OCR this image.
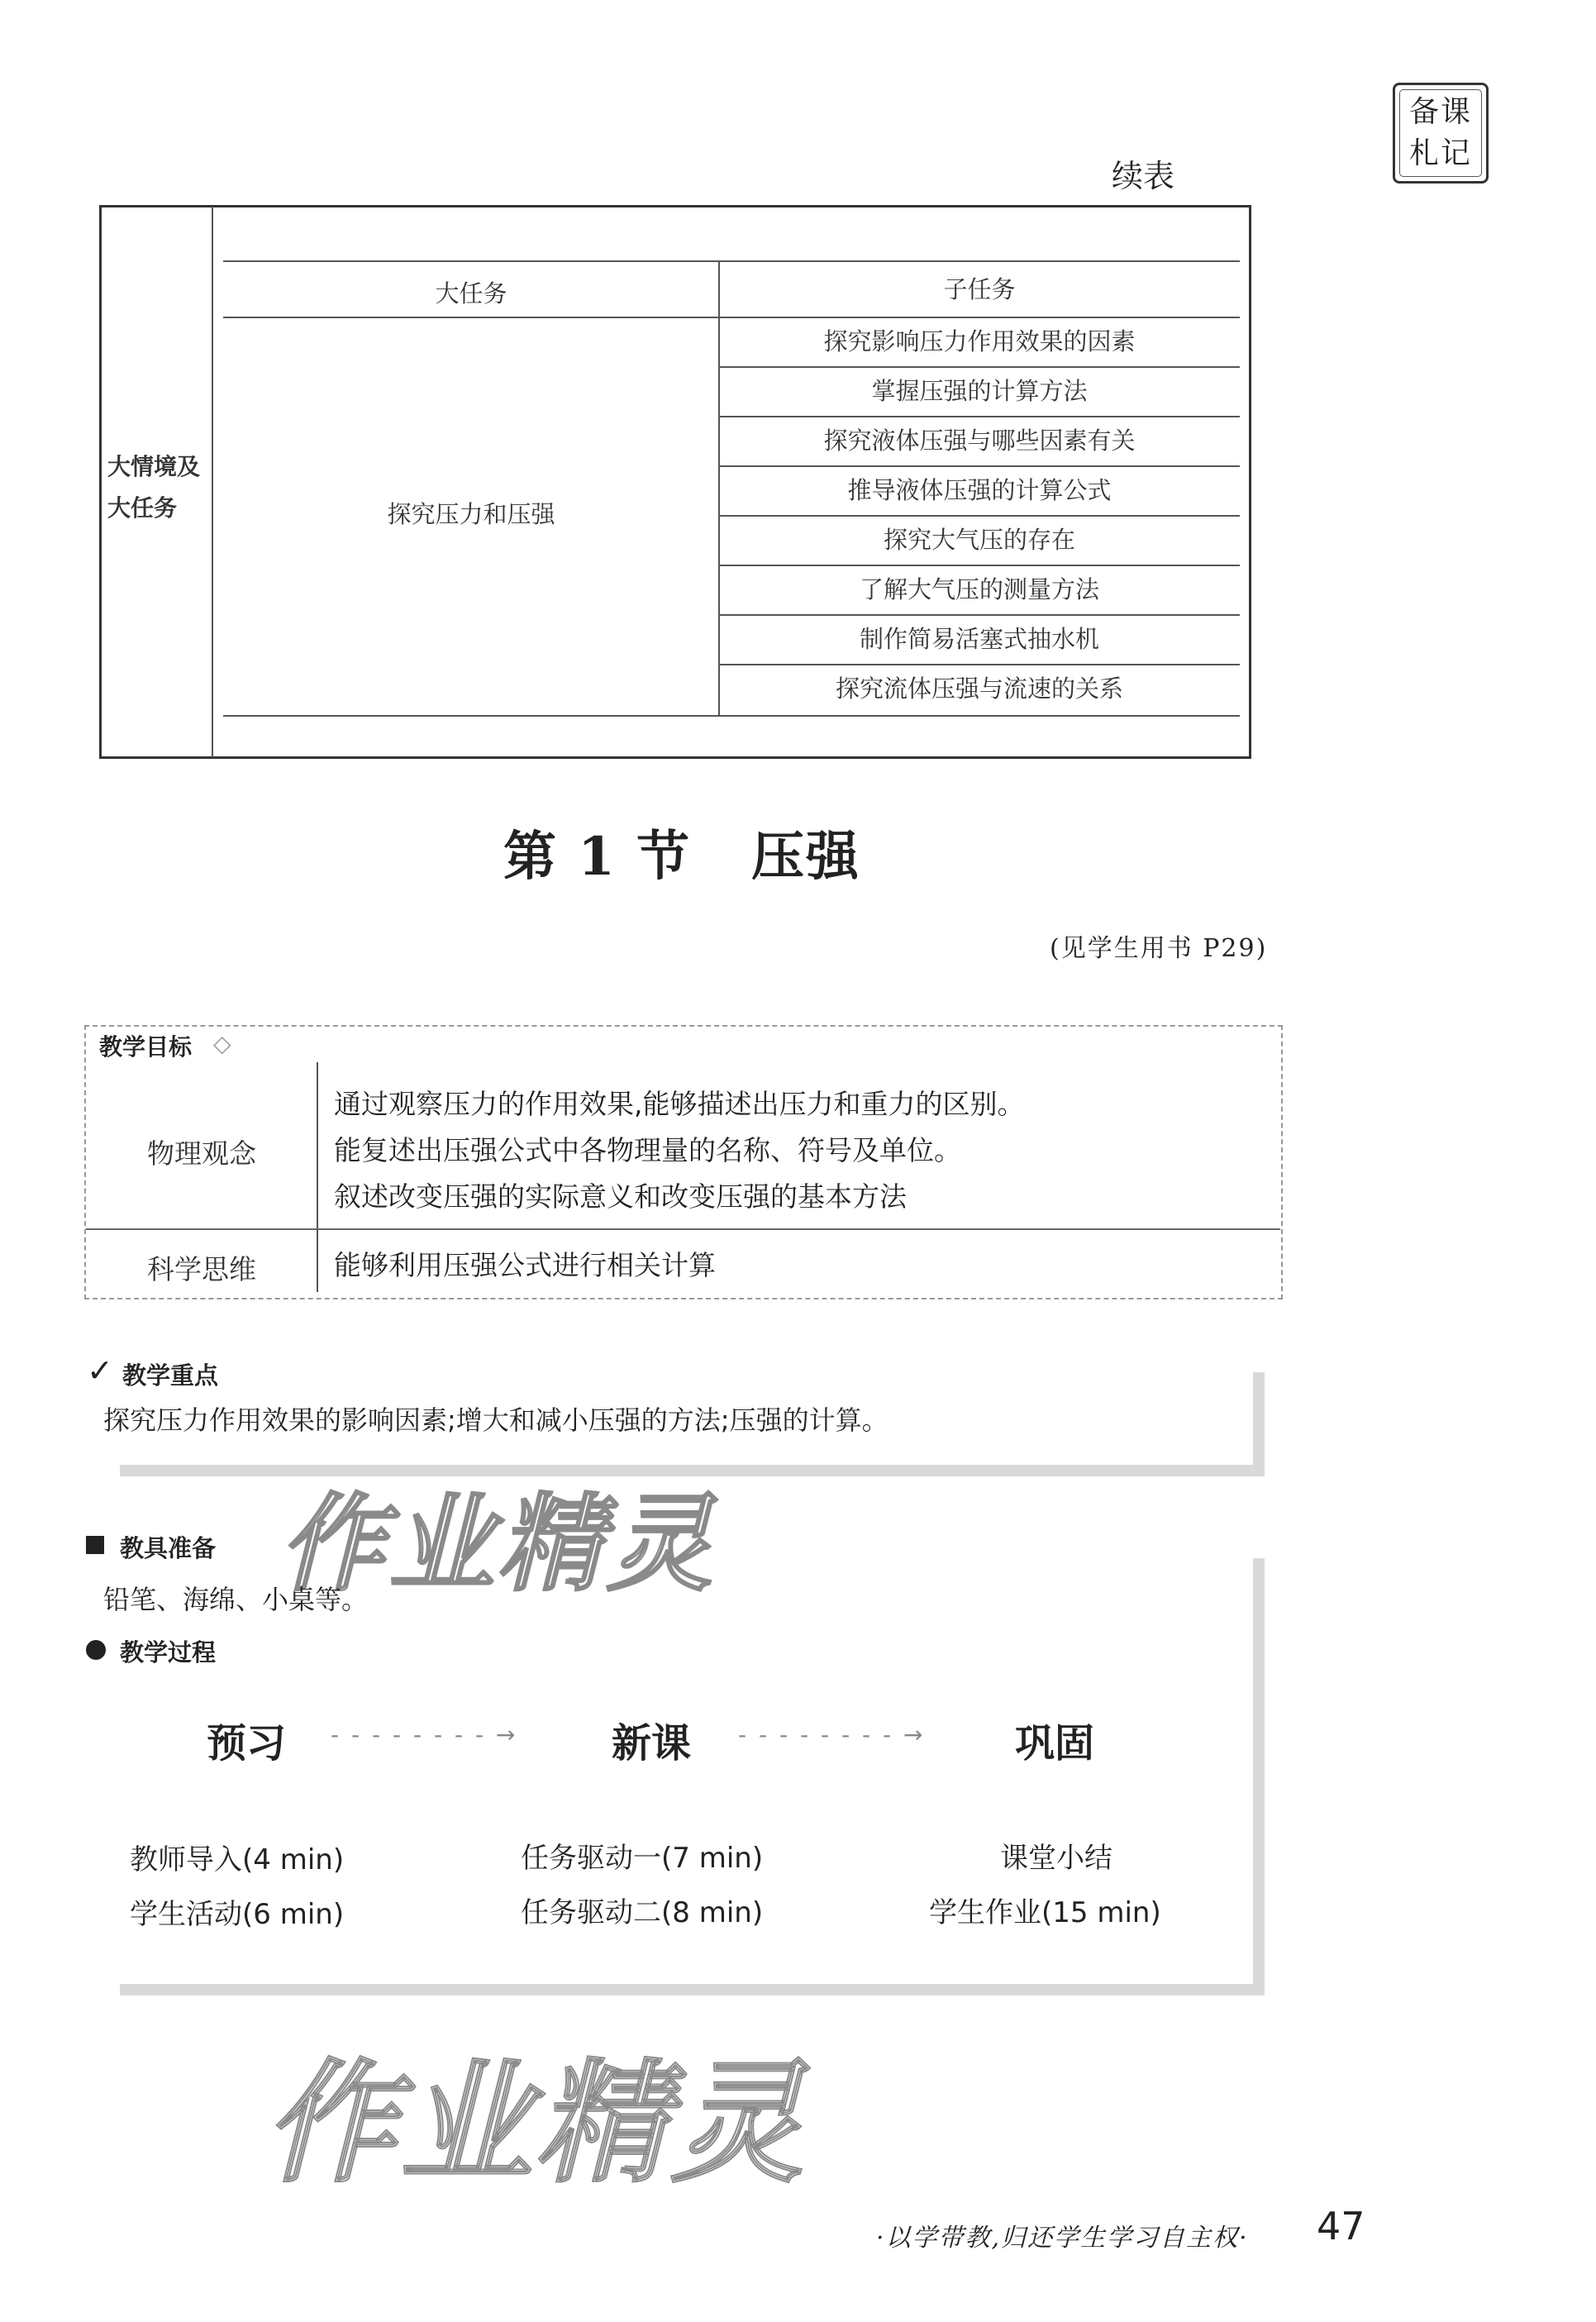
备课
札记
续表
大情境及
大任务
大任务	子任务
探究压力和压强
探究影响压力作用效果的因素
掌握压强的计算方法
探究液体压强与哪些因素有关
推导液体压强的计算公式
探究大气压的存在
了解大气压的测量方法
制作简易活塞式抽水机
探究流体压强与流速的关系
第 1 节   压强
(见学生用书 P29)
教学目标 ◇
物理观念
通过观察压力的作用效果,能够描述出压力和重力的区别。
能复述出压强公式中各物理量的名称、符号及单位。
叙述改变压强的实际意义和改变压强的基本方法
科学思维	能够利用压强公式进行相关计算
✓ 教学重点
探究压力作用效果的影响因素;增大和减小压强的方法;压强的计算。
作业精灵
教具准备
铅笔、海绵、小桌等。
教学过程
预习 - - - - - - - - → 新课 - - - - - - - - → 巩固
教师导入(4 min)
学生活动(6 min)
任务驱动一(7 min)
任务驱动二(8 min)
课堂小结
学生作业(15 min)
作业精灵
·以学带教,归还学生学习自主权· 47
